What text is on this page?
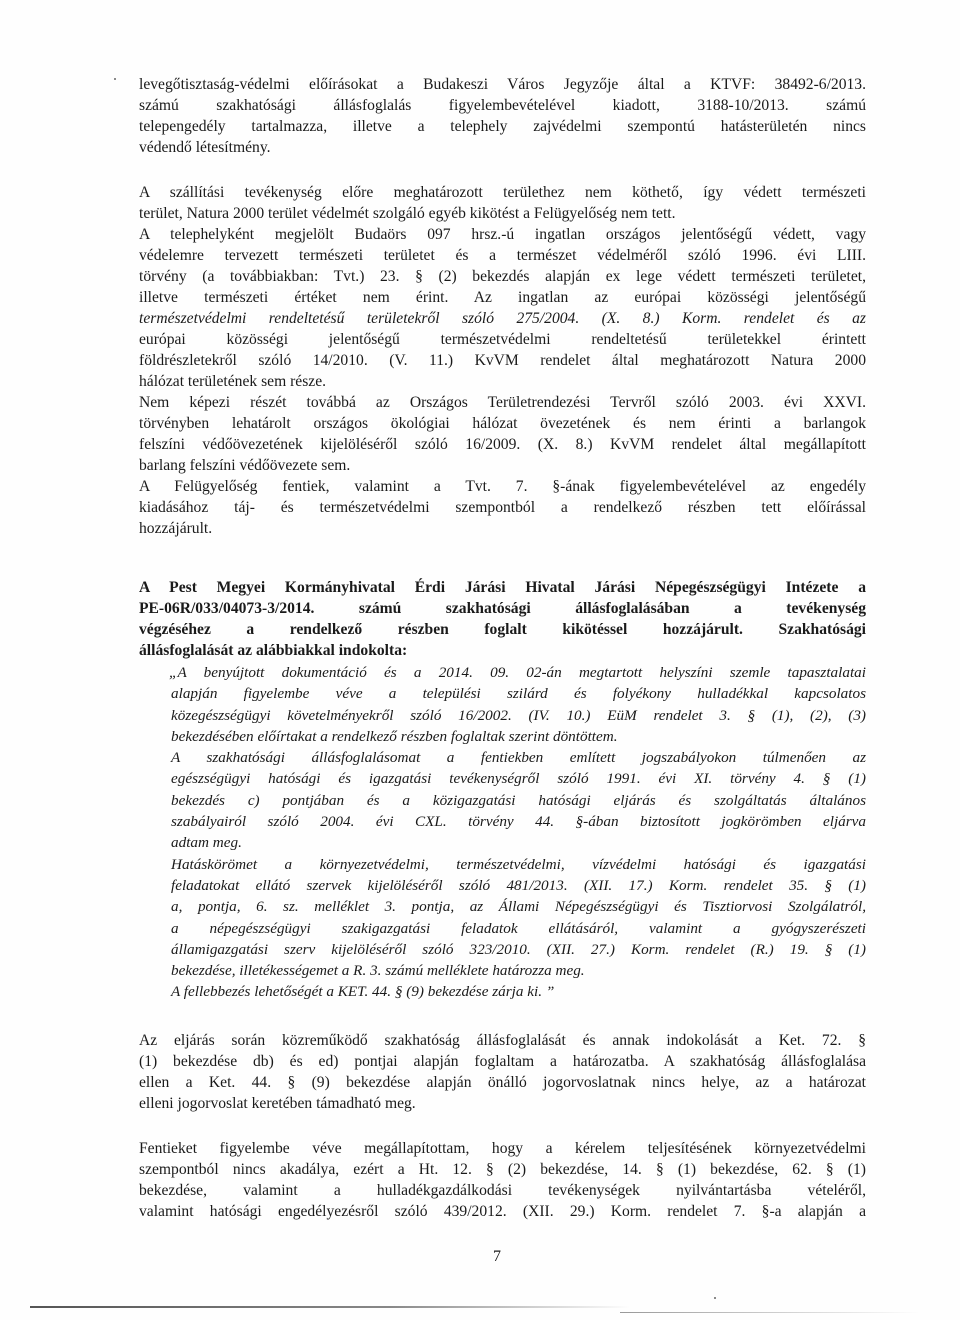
levegőtisztaság-védelmi előírásokat a Budakeszi Város Jegyzője által a KTVF: 38492-6/2013.
számú szakhatósági állásfoglalás figyelembevételével kiadott, 3188-10/2013. számú
telepengedély tartalmazza, illetve a telephely zajvédelmi szempontú hatásterületén nincs
védendő létesítmény.
A szállítási tevékenység előre meghatározott területhez nem köthető, így védett természeti
terület, Natura 2000 terület védelmét szolgáló egyéb kikötést a Felügyelőség nem tett.
A telephelyként megjelölt Budaörs 097 hrsz.-ú ingatlan országos jelentőségű védett, vagy
védelemre tervezett természeti területet és a természet védelméről szóló 1996. évi LIII.
törvény (a továbbiakban: Tvt.) 23. § (2) bekezdés alapján ex lege védett természeti területet,
illetve természeti értéket nem érint. Az ingatlan az európai közösségi jelentőségű
természetvédelmi rendeltetésű területekről szóló 275/2004. (X. 8.) Korm. rendelet és az
európai közösségi jelentőségű természetvédelmi rendeltetésű területekkel érintett
földrészletekről szóló 14/2010. (V. 11.) KvVM rendelet által meghatározott Natura 2000
hálózat területének sem része.
Nem képezi részét továbbá az Országos Területrendezési Tervről szóló 2003. évi XXVI.
törvényben lehatárolt országos ökológiai hálózat övezetének és nem érinti a barlangok
felszíni védőövezetének kijelöléséről szóló 16/2009. (X. 8.) KvVM rendelet által megállapított
barlang felszíni védőövezete sem.
A Felügyelőség fentiek, valamint a Tvt. 7. §-ának figyelembevételével az engedély
kiadásához táj- és természetvédelmi szempontból a rendelkező részben tett előírással
hozzájárult.
A Pest Megyei Kormányhivatal Érdi Járási Hivatal Járási Népegészségügyi Intézete a
PE-06R/033/04073-3/2014. számú szakhatósági állásfoglalásában a tevékenység
végzéséhez a rendelkező részben foglalt kikötéssel hozzájárult. Szakhatósági
állásfoglalását az alábbiakkal indokolta:
„A benyújtott dokumentáció és a 2014. 09. 02-án megtartott helyszíni szemle tapasztalatai
alapján figyelembe véve a települési szilárd és folyékony hulladékkal kapcsolatos
közegészségügyi követelményekről szóló 16/2002. (IV. 10.) EüM rendelet 3. § (1), (2), (3)
bekezdésében előírtakat a rendelkező részben foglaltak szerint döntöttem.
A szakhatósági állásfoglalásomat a fentiekben említett jogszabályokon túlmenően az
egészségügyi hatósági és igazgatási tevékenységről szóló 1991. évi XI. törvény 4. § (1)
bekezdés c) pontjában és a közigazgatási hatósági eljárás és szolgáltatás általános
szabályairól szóló 2004. évi CXL. törvény 44. §-ában biztosított jogkörömben eljárva
adtam meg.
Hatáskörömet a környezetvédelmi, természetvédelmi, vízvédelmi hatósági és igazgatási
feladatokat ellátó szervek kijelöléséről szóló 481/2013. (XII. 17.) Korm. rendelet 35. § (1)
a, pontja, 6. sz. melléklet 3. pontja, az Állami Népegészségügyi és Tisztiorvosi Szolgálatról,
a népegészségügyi szakigazgatási feladatok ellátásáról, valamint a gyógyszerészeti
államigazgatási szerv kijelöléséről szóló 323/2010. (XII. 27.) Korm. rendelet (R.) 19. § (1)
bekezdése, illetékességemet a R. 3. számú melléklete határozza meg.
A fellebbezés lehetőségét a KET. 44. § (9) bekezdése zárja ki. ”
Az eljárás során közreműködő szakhatóság állásfoglalását és annak indokolását a Ket. 72. §
(1) bekezdése db) és ed) pontjai alapján foglaltam a határozatba. A szakhatóság állásfoglalása
ellen a Ket. 44. § (9) bekezdése alapján önálló jogorvoslatnak nincs helye, az a határozat
elleni jogorvoslat keretében támadható meg.
Fentieket figyelembe véve megállapítottam, hogy a kérelem teljesítésének környezetvédelmi
szempontból nincs akadálya, ezért a Ht. 12. § (2) bekezdése, 14. § (1) bekezdése, 62. § (1)
bekezdése, valamint a hulladékgazdálkodási tevékenységek nyilvántartásba vételéről,
valamint hatósági engedélyezésről szóló 439/2012. (XII. 29.) Korm. rendelet 7. §-a alapján a
7
